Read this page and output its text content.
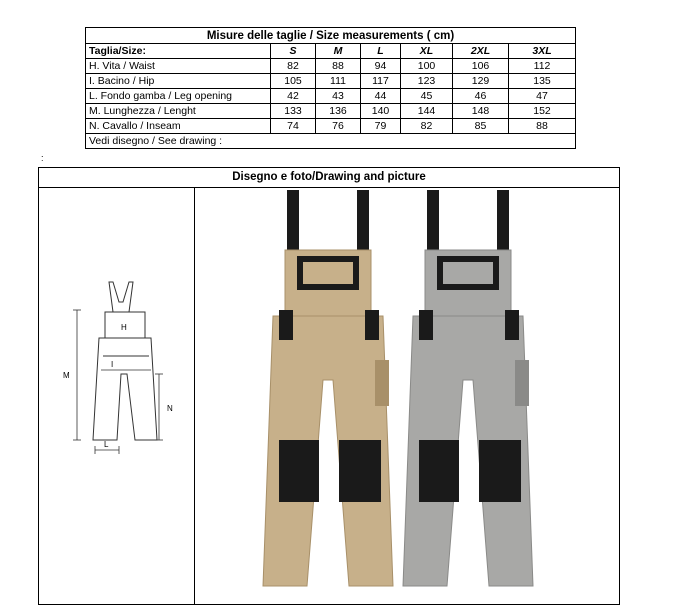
Misure delle taglie / Size measurements ( cm)						
Taglia/Size:	S	M	L	XL	2XL	3XL
H. Vita / Waist	82	88	94	100	106	112
I. Bacino / Hip	105	111	117	123	129	135
L. Fondo gamba / Leg opening	42	43	44	45	46	47
M. Lunghezza / Lenght	133	136	140	144	148	152
N. Cavallo / Inseam	74	76	79	82	85	88
Vedi disegno / See drawing :						
:
Disegno e foto/Drawing and picture
H
I
M
N
L
